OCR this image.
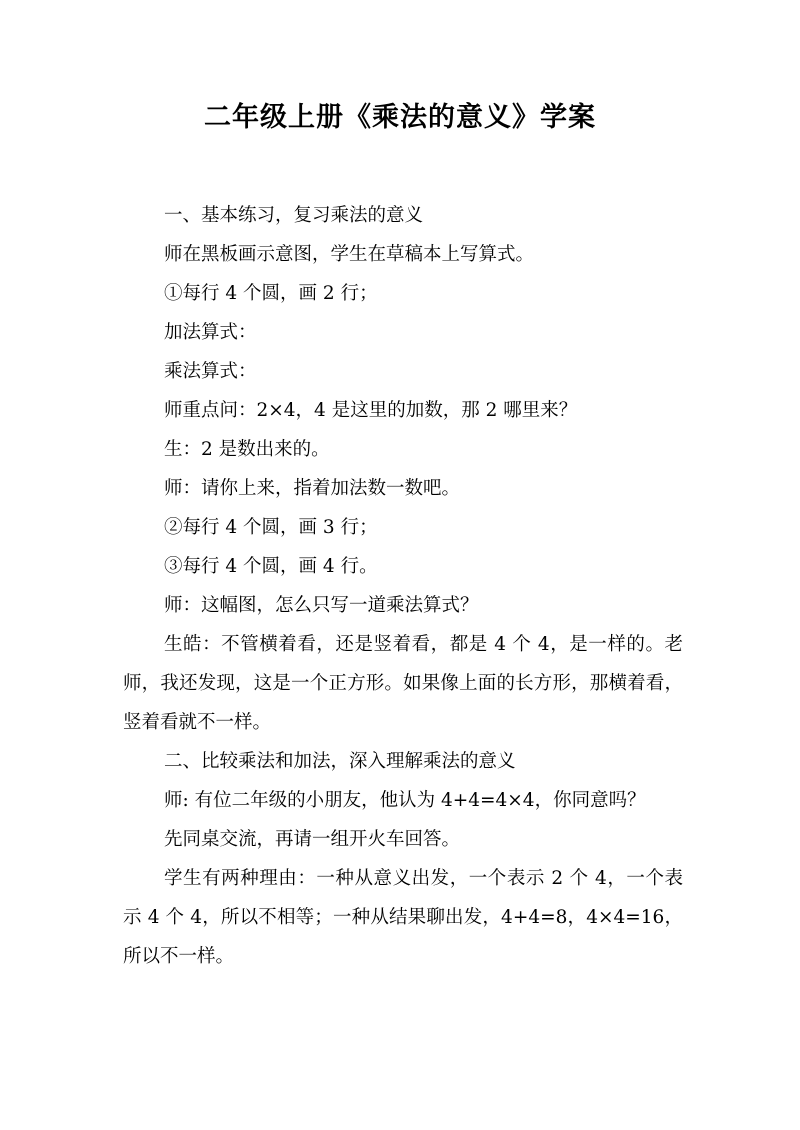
二年级上册《乘法的意义》学案

一、基本练习，复习乘法的意义

师在黑板画示意图，学生在草稿本上写算式。

①每行 4 个圆，画 2 行；

加法算式：

乘法算式：

师重点问：2×4，4 是这里的加数，那 2 哪里来？

生：2 是数出来的。

师：请你上来，指着加法数一数吧。

②每行 4 个圆，画 3 行；

③每行 4 个圆，画 4 行。

师：这幅图，怎么只写一道乘法算式？

生皓：不管横着看，还是竖着看，都是 4 个 4，是一样的。老师，我还发现，这是一个正方形。如果像上面的长方形，那横着看，竖着看就不一样。

二、比较乘法和加法，深入理解乘法的意义

师: 有位二年级的小朋友，他认为 4+4=4×4，你同意吗？

先同桌交流，再请一组开火车回答。

学生有两种理由：一种从意义出发，一个表示 2 个 4，一个表示 4 个 4，所以不相等；一种从结果聊出发，4+4=8，4×4=16，所以不一样。
